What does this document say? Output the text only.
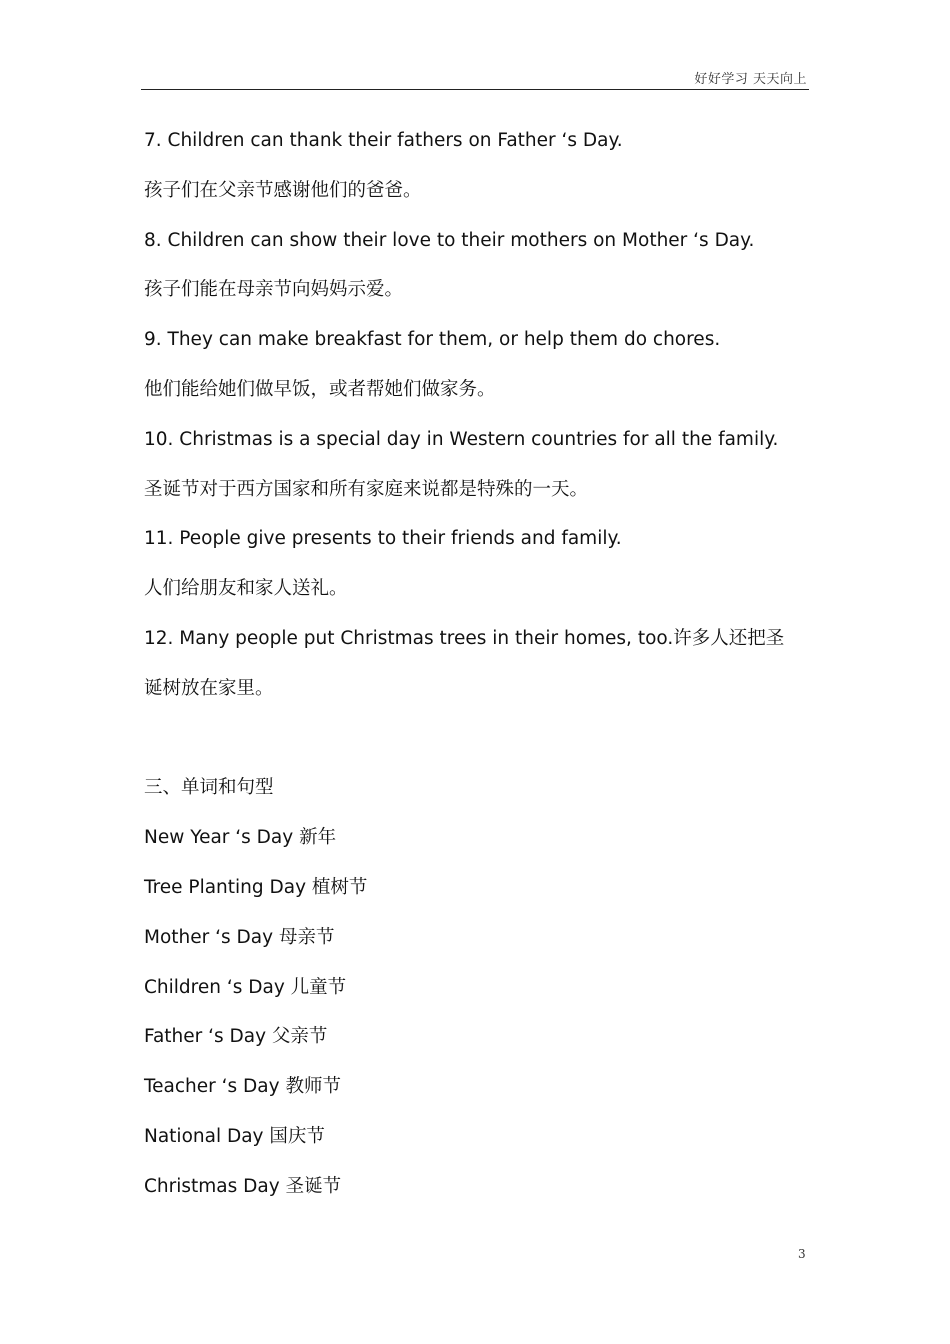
好好学习 天天向上
7. Children can thank their fathers on Father ‘s Day.
孩子们在父亲节感谢他们的爸爸。
8. Children can show their love to their mothers on Mother ‘s Day.
孩子们能在母亲节向妈妈示爱。
9. They can make breakfast for them, or help them do chores.
他们能给她们做早饭，或者帮她们做家务。
10. Christmas is a special day in Western countries for all the family.
圣诞节对于西方国家和所有家庭来说都是特殊的一天。
11. People give presents to their friends and family.
人们给朋友和家人送礼。
12. Many people put Christmas trees in their homes, too.许多人还把圣
诞树放在家里。
三、单词和句型
New Year ‘s Day 新年
Tree Planting Day 植树节
Mother ‘s Day 母亲节
Children ‘s Day 儿童节
Father ‘s Day 父亲节
Teacher ‘s Day 教师节
National Day 国庆节
Christmas Day 圣诞节
3
